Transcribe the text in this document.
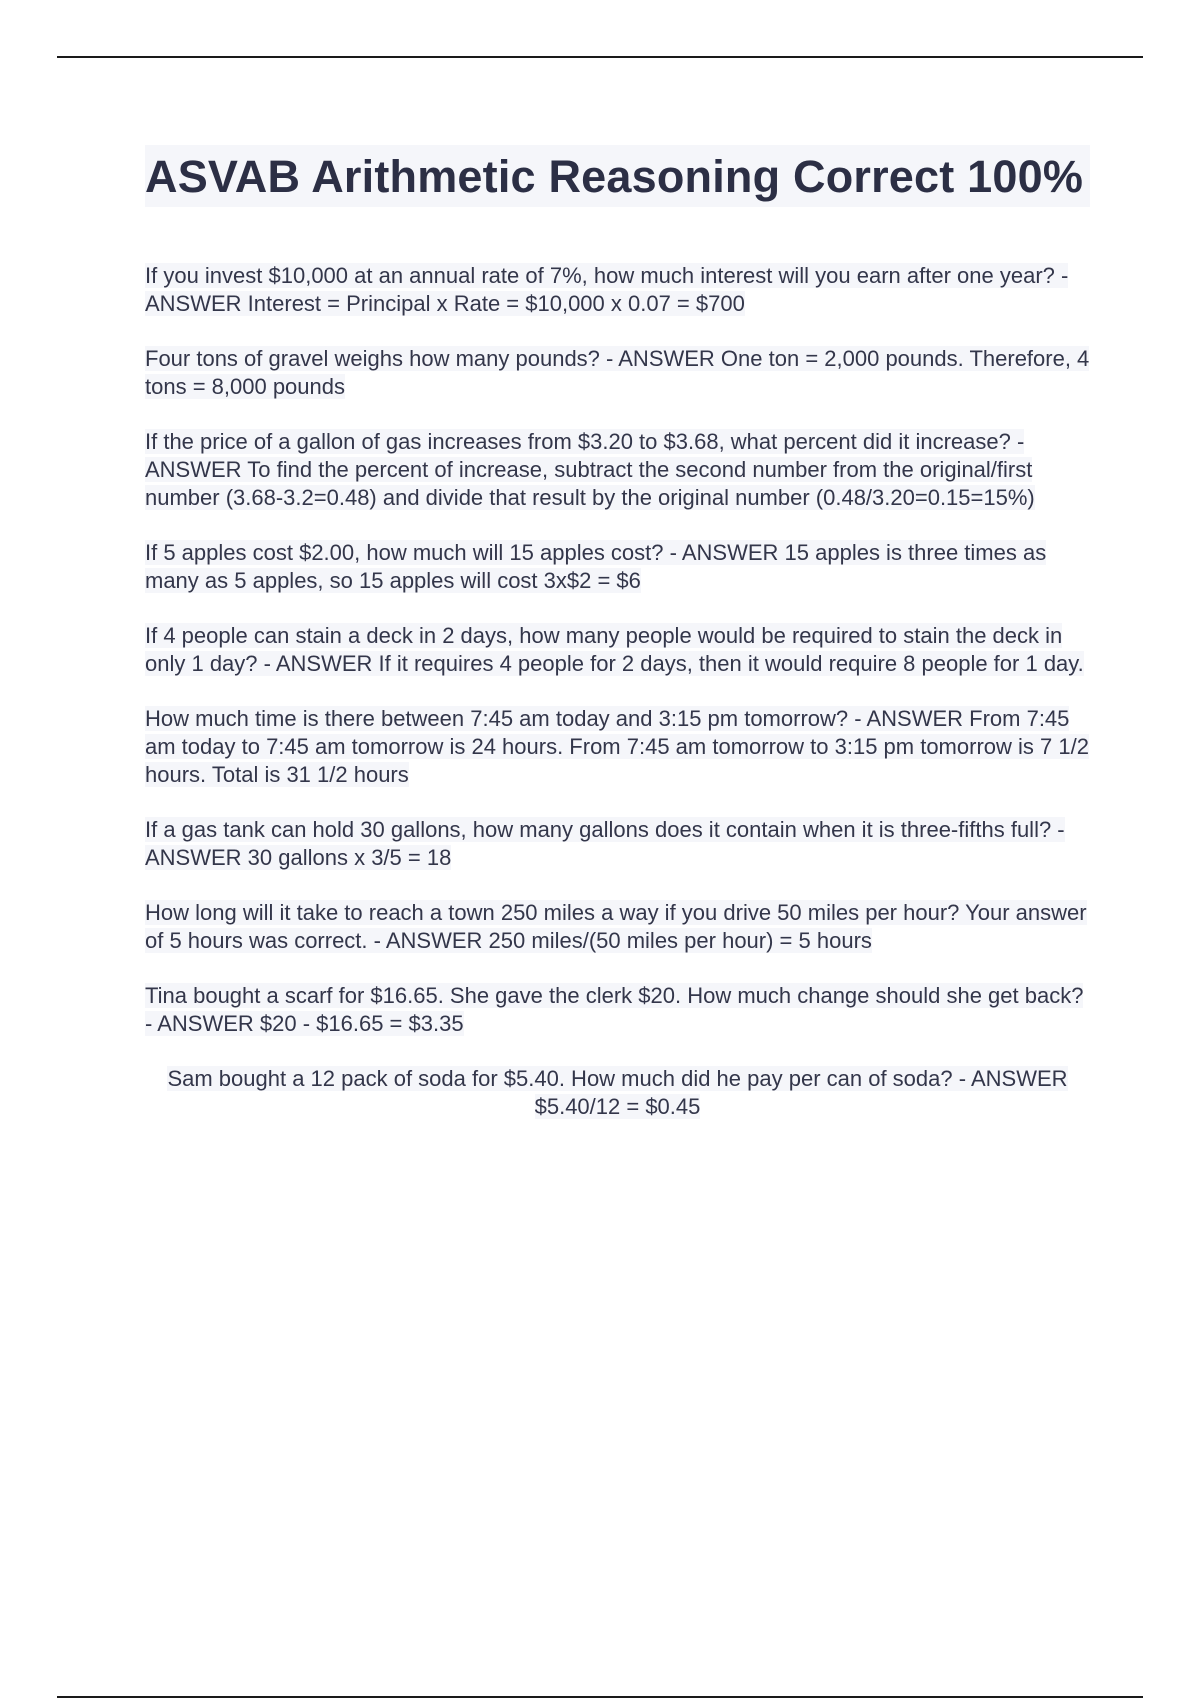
ASVAB Arithmetic Reasoning Correct 100%

If you invest $10,000 at an annual rate of 7%, how much interest will you earn after one year? - ANSWER Interest = Principal x Rate = $10,000 x 0.07 = $700

Four tons of gravel weighs how many pounds? - ANSWER One ton = 2,000 pounds. Therefore, 4 tons = 8,000 pounds

If the price of a gallon of gas increases from $3.20 to $3.68, what percent did it increase? - ANSWER To find the percent of increase, subtract the second number from the original/first number (3.68-3.2=0.48) and divide that result by the original number (0.48/3.20=0.15=15%)

If 5 apples cost $2.00, how much will 15 apples cost? - ANSWER 15 apples is three times as many as 5 apples, so 15 apples will cost 3x$2 = $6

If 4 people can stain a deck in 2 days, how many people would be required to stain the deck in only 1 day? - ANSWER If it requires 4 people for 2 days, then it would require 8 people for 1 day.

How much time is there between 7:45 am today and 3:15 pm tomorrow? - ANSWER From 7:45 am today to 7:45 am tomorrow is 24 hours. From 7:45 am tomorrow to 3:15 pm tomorrow is 7 1/2 hours. Total is 31 1/2 hours

If a gas tank can hold 30 gallons, how many gallons does it contain when it is three-fifths full? - ANSWER 30 gallons x 3/5 = 18

How long will it take to reach a town 250 miles a way if you drive 50 miles per hour? Your answer of 5 hours was correct. - ANSWER 250 miles/(50 miles per hour) = 5 hours

Tina bought a scarf for $16.65. She gave the clerk $20. How much change should she get back? - ANSWER $20 - $16.65 = $3.35

Sam bought a 12 pack of soda for $5.40. How much did he pay per can of soda? - ANSWER $5.40/12 = $0.45
